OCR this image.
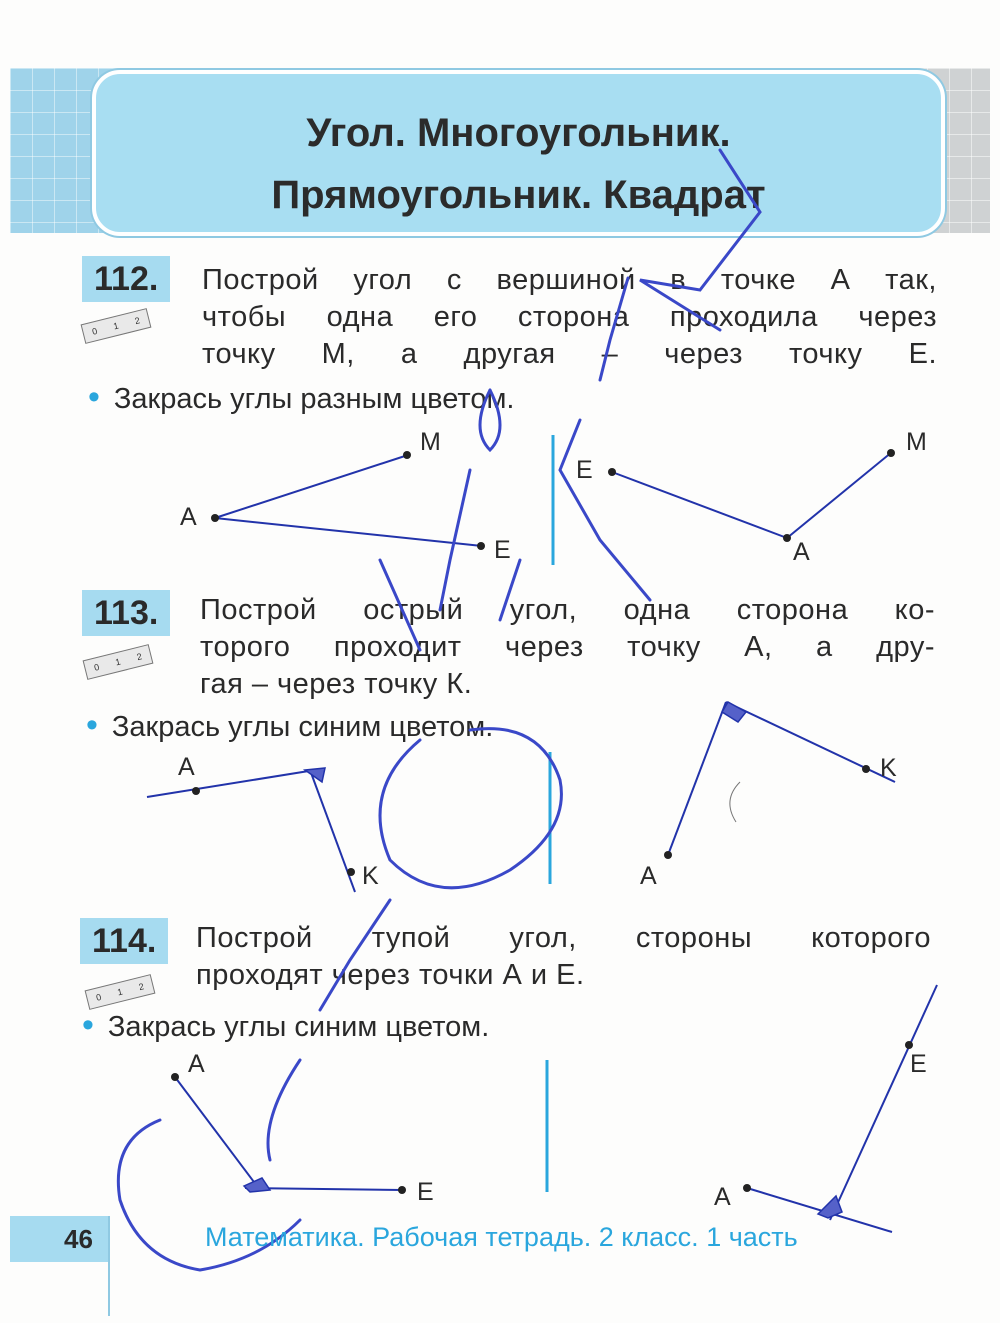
Угол. Многоугольник.
Прямоугольник. Квадрат
112.
0 1 2
Построй угол с вершиной в точке А так,
чтобы одна его сторона проходила через
точку М, а другая – через точку Е.
• Закрась углы разным цветом.
113.
0 1 2
Построй острый угол, одна сторона ко-
торого проходит через точку А, а дру-
гая – через точку К.
• Закрась углы синим цветом.
114.
0 1 2
Построй тупой угол, стороны которого
проходят через точки А и Е.
• Закрась углы синим цветом.
А
М
Е
Е
М
А
А
K
K
А
А
Е
Е
А
46	Математика. Рабочая тетрадь. 2 класс. 1 часть
